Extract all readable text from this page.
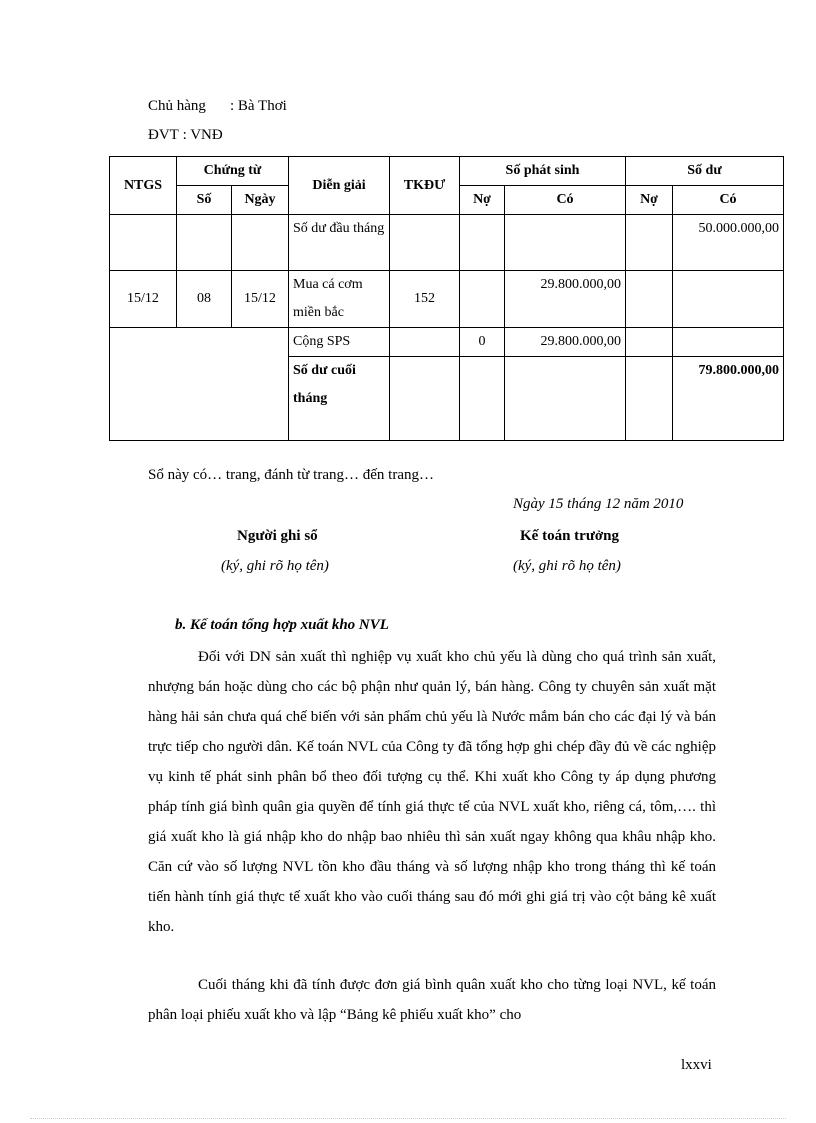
Chủ hàng : Bà Thơi
ĐVT : VNĐ
NTGS	Chứng từ		Diễn giải	TKĐƯ	Số phát sinh		Số dư	
	Số	Ngày			Nợ	Có	Nợ	Có
			Số dư đầu tháng					50.000.000,00
15/12	08	15/12	Mua cá cơm miền bắc	152		29.800.000,00		
			Cộng SPS		0	29.800.000,00		
			Số dư cuối tháng					79.800.000,00
Sổ này có… trang, đánh từ trang… đến trang…
Ngày 15 tháng 12 năm 2010
Người ghi sổ
(ký, ghi rõ họ tên)
Kế toán trưởng
(ký, ghi rõ họ tên)
b. Kế toán tổng hợp xuất kho NVL

Đối với DN sản xuất thì nghiệp vụ xuất kho chủ yếu là dùng cho quá trình sản xuất, nhượng bán hoặc dùng cho các bộ phận như quản lý, bán hàng. Công ty chuyên sản xuất mặt hàng hải sản chưa quá chế biến với sản phẩm chủ yếu là Nước mắm bán cho các đại lý và bán trực tiếp cho người dân. Kế toán NVL của Công ty đã tổng hợp ghi chép đầy đủ về các nghiệp vụ kinh tế phát sinh phân bổ theo đối tượng cụ thể. Khi xuất kho Công ty áp dụng phương pháp tính giá bình quân gia quyền để tính giá thực tế của NVL xuất kho, riêng cá, tôm,…. thì giá xuất kho là giá nhập kho do nhập bao nhiêu thì sản xuất ngay không qua khâu nhập kho. Căn cứ vào số lượng NVL tồn kho đầu tháng và số lượng nhập kho trong tháng thì kế toán tiến hành tính giá thực tế xuất kho vào cuối tháng sau đó mới ghi giá trị vào cột bảng kê xuất kho.

Cuối tháng khi đã tính được đơn giá bình quân xuất kho cho từng loại NVL, kế toán phân loại phiếu xuất kho và lập “Bảng kê phiếu xuất kho” cho

lxxvi
